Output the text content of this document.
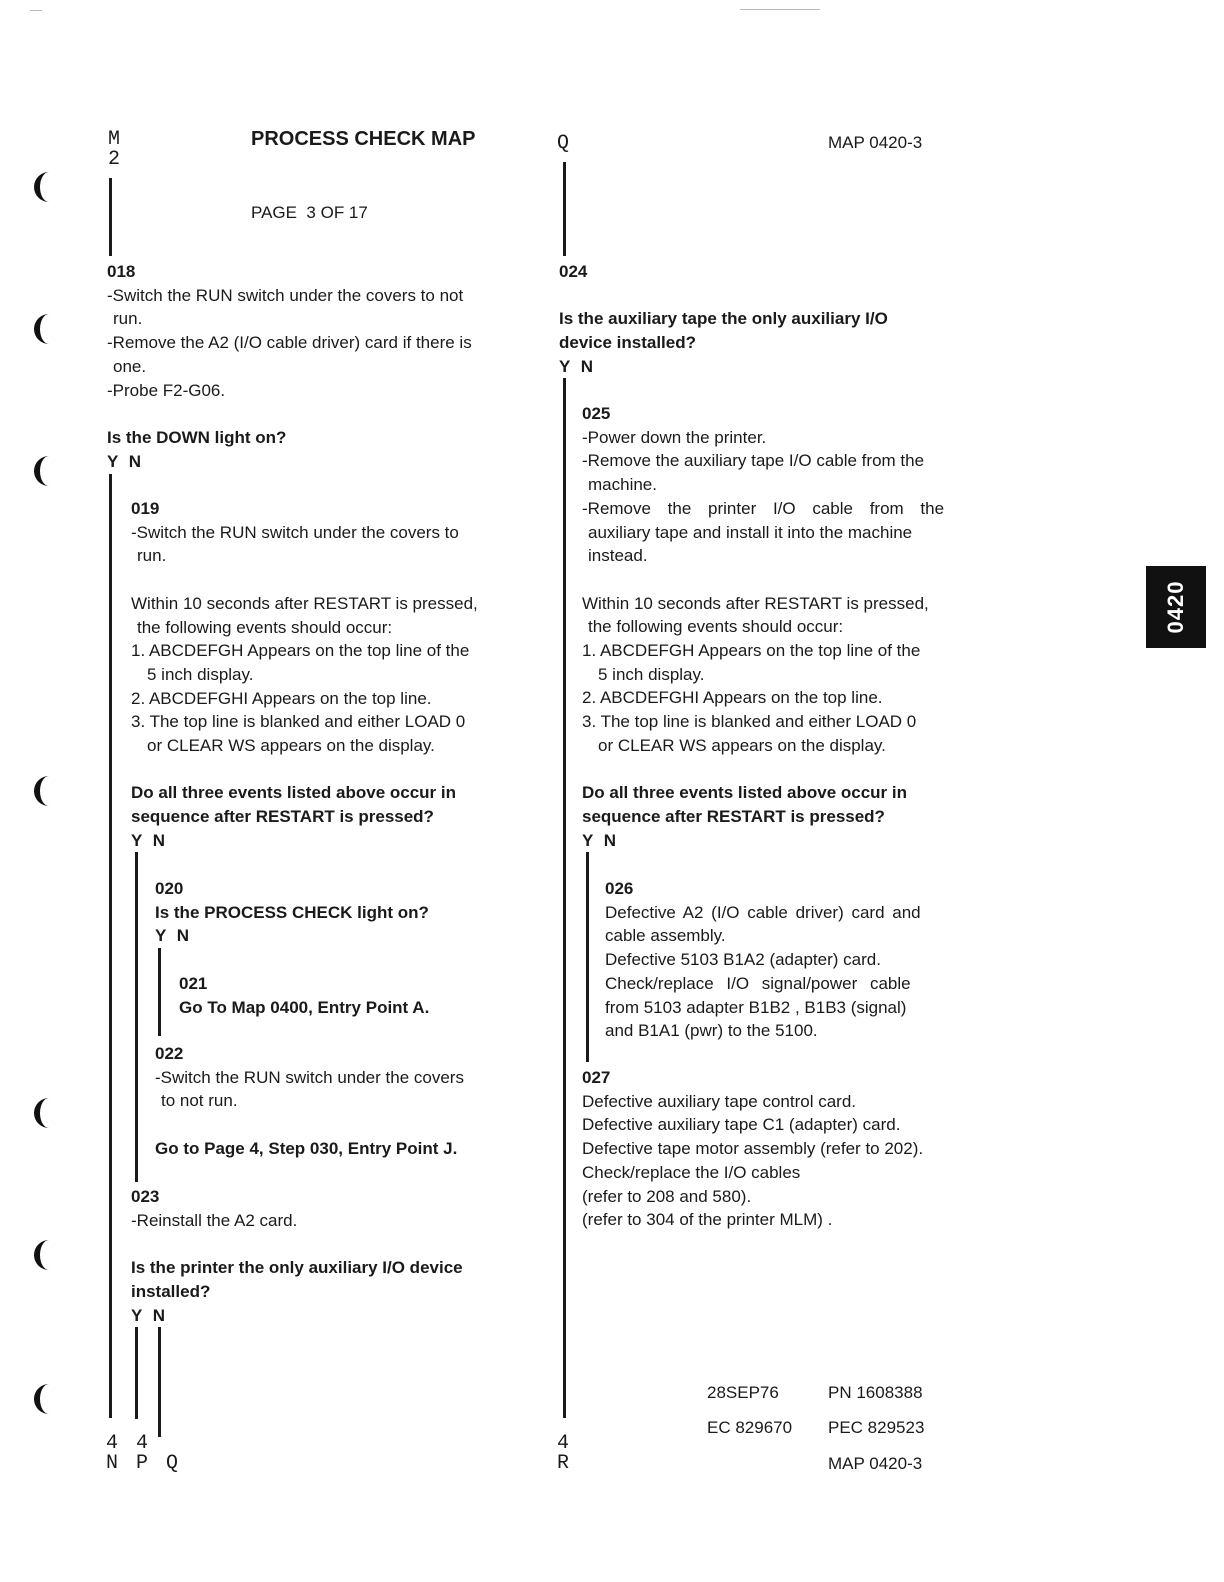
0420
M
2
PROCESS CHECK MAP
PAGE  3 OF 17
Q	MAP 0420-3
018
-Switch the RUN switch under the covers to not
run.
-Remove the A2 (I/O cable driver) card if there is
one.
-Probe F2-G06.

Is the DOWN light on?
Y N
019
-Switch the RUN switch under the covers to
run.

Within 10 seconds after RESTART is pressed,
the following events should occur:
1. ABCDEFGH Appears on the top line of the
5 inch display.
2. ABCDEFGHI Appears on the top line.
3. The top line is blanked and either LOAD 0
or CLEAR WS appears on the display.

Do all three events listed above occur in
sequence after RESTART is pressed?
Y N
020
Is the PROCESS CHECK light on?
Y N
021
Go To Map 0400, Entry Point A.
022
-Switch the RUN switch under the covers
to not run.

Go to Page 4, Step 030, Entry Point J.
023
-Reinstall the A2 card.

Is the printer the only auxiliary I/O device
installed?
Y N
4 4
N P Q
024

Is the auxiliary tape the only auxiliary I/O
device installed?
Y N
025
-Power down the printer.
-Remove the auxiliary tape I/O cable from the
machine.
-Remove the printer I/O cable from the
auxiliary tape and install it into the machine
instead.

Within 10 seconds after RESTART is pressed,
the following events should occur:
1. ABCDEFGH Appears on the top line of the
5 inch display.
2. ABCDEFGHI Appears on the top line.
3. The top line is blanked and either LOAD 0
or CLEAR WS appears on the display.

Do all three events listed above occur in
sequence after RESTART is pressed?
Y N
026
Defective A2 (I/O cable driver) card and
cable assembly.
Defective 5103 B1A2 (adapter) card.
Check/replace I/O signal/power cable
from 5103 adapter B1B2 , B1B3 (signal)
and B1A1 (pwr) to the 5100.
027
Defective auxiliary tape control card.
Defective auxiliary tape C1 (adapter) card.
Defective tape motor assembly (refer to 202).
Check/replace the I/O cables
(refer to 208 and 580).
(refer to 304 of the printer MLM) .
4
R
28SEP76	PN 1608388
EC 829670 PEC 829523
MAP 0420-3
